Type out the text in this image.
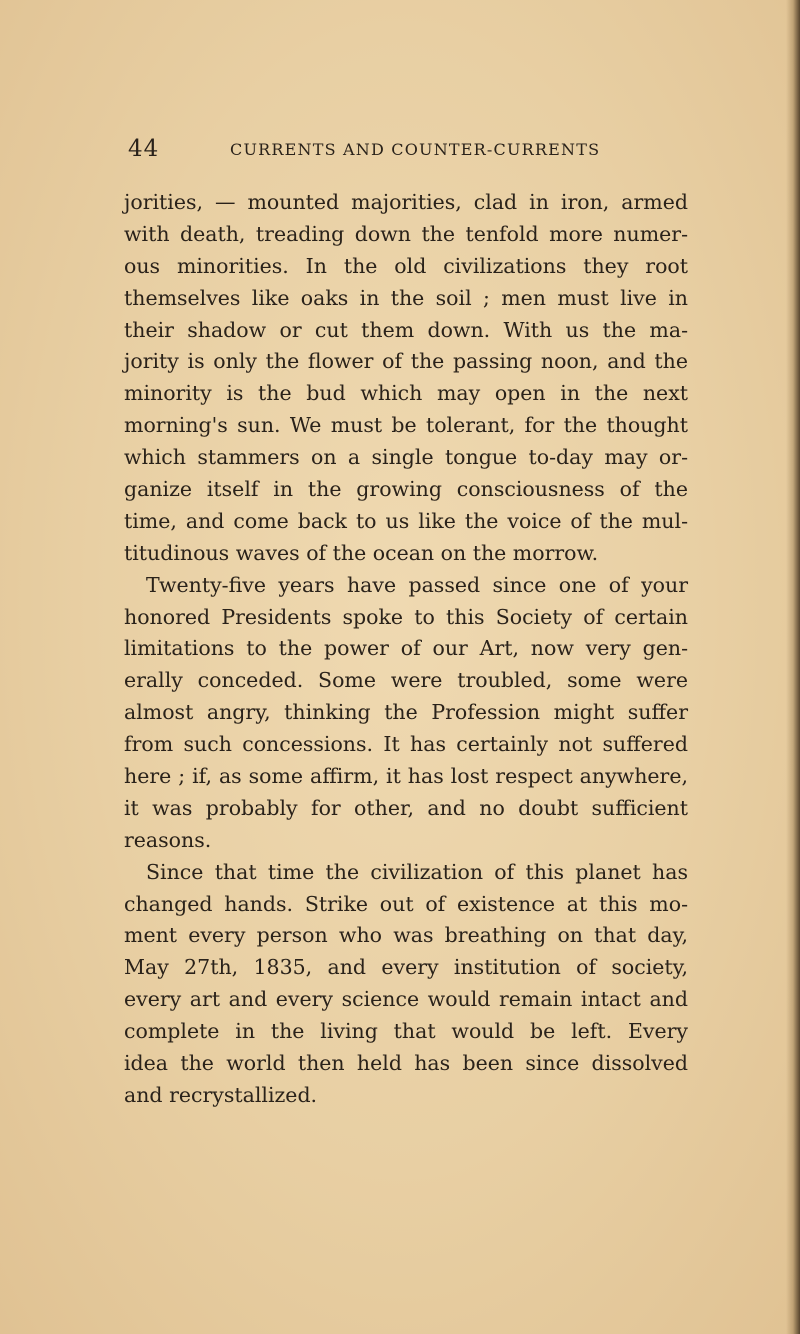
44	CURRENTS AND COUNTER-CURRENTS
jorities, — mounted majorities, clad in iron, armed
with death, treading down the tenfold more numer-
ous minorities. In the old civilizations they root
themselves like oaks in the soil ; men must live in
their shadow or cut them down. With us the ma-
jority is only the flower of the passing noon, and the
minority is the bud which may open in the next
morning's sun. We must be tolerant, for the thought
which stammers on a single tongue to-day may or-
ganize itself in the growing consciousness of the
time, and come back to us like the voice of the mul-
titudinous waves of the ocean on the morrow.
Twenty-five years have passed since one of your
honored Presidents spoke to this Society of certain
limitations to the power of our Art, now very gen-
erally conceded. Some were troubled, some were
almost angry, thinking the Profession might suffer
from such concessions. It has certainly not suffered
here ; if, as some affirm, it has lost respect anywhere,
it was probably for other, and no doubt sufficient
reasons.
Since that time the civilization of this planet has
changed hands. Strike out of existence at this mo-
ment every person who was breathing on that day,
May 27th, 1835, and every institution of society,
every art and every science would remain intact and
complete in the living that would be left. Every
idea the world then held has been since dissolved
and recrystallized.
